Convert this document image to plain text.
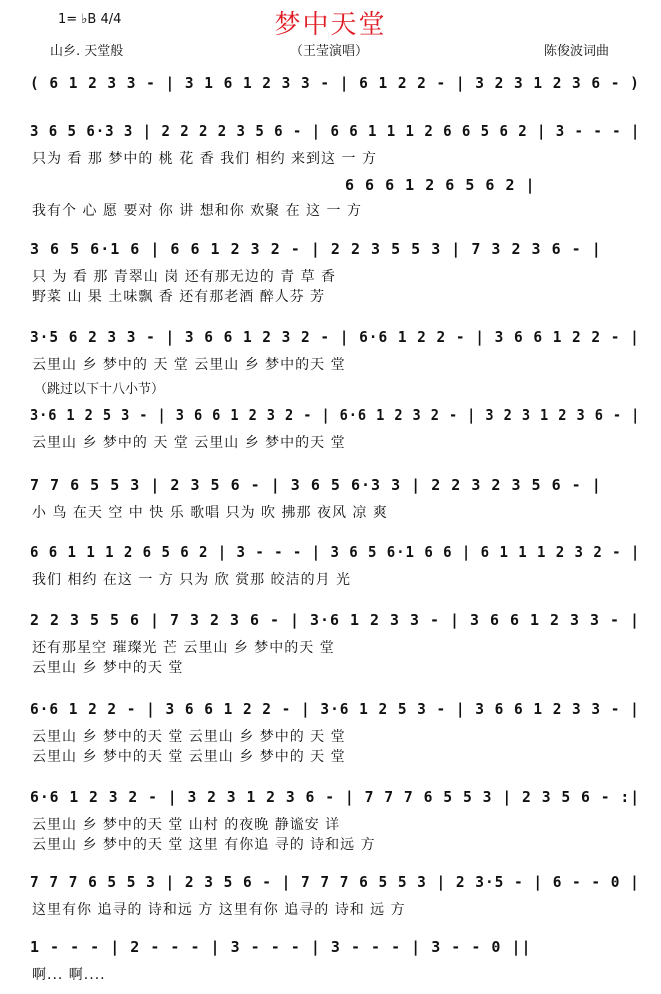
梦中天堂
1= ♭B 4/4
山乡. 天堂般	（王莹演唱）	陈俊波词曲
( 6 1 2 3 3 - | 3 1 6 1 2 3 3 - | 6 1 2 2 - | 3 2 3 1 2 3 6 - )
3 6 5 6·3 3 | 2 2 2 2 3 5 6 - | 6 6 1 1 1 2 6 6 5 6 2 | 3 - - - |
只为 看 那 梦中的 桃 花 香 我们 相约 来到这 一 方
6 6 6 1 2 6 5 6 2 |
我有个 心 愿 要对 你 讲 想和你 欢聚 在 这 一 方
3 6 5 6·1 6 | 6 6 1 2 3 2 - | 2 2 3 5 5 3 | 7 3 2 3 6 - |
只 为 看 那 青翠山 岗 还有那无边的 青 草 香
野菜 山 果 土味飘 香 还有那老酒 醉人芬 芳
3·5 6 2 3 3 - | 3 6 6 1 2 3 2 - | 6·6 1 2 2 - | 3 6 6 1 2 2 - |
云里山 乡 梦中的 天 堂 云里山 乡 梦中的天 堂
3·6 1 2 5 3 - | 3 6 6 1 2 3 2 - | 6·6 1 2 3 2 - | 3 2 3 1 2 3 6 - |
云里山 乡 梦中的 天 堂 云里山 乡 梦中的天 堂
7 7 6 5 5 3 | 2 3 5 6 - | 3 6 5 6·3 3 | 2 2 3 2 3 5 6 - |
小 鸟 在天 空 中 快 乐 歌唱 只为 吹 拂那 夜风 凉 爽
6 6 1 1 1 2 6 5 6 2 | 3 - - - | 3 6 5 6·1 6 6 | 6 1 1 1 2 3 2 - |
我们 相约 在这 一 方 只为 欣 赏那 皎洁的月 光
2 2 3 5 5 6 | 7 3 2 3 6 - | 3·6 1 2 3 3 - | 3 6 6 1 2 3 3 - |
还有那星空 璀璨光 芒 云里山 乡 梦中的天 堂
云里山 乡 梦中的天 堂
6·6 1 2 2 - | 3 6 6 1 2 2 - | 3·6 1 2 5 3 - | 3 6 6 1 2 3 3 - |
云里山 乡 梦中的天 堂 云里山 乡 梦中的 天 堂
云里山 乡 梦中的天 堂 云里山 乡 梦中的 天 堂
6·6 1 2 3 2 - | 3 2 3 1 2 3 6 - | 7 7 7 6 5 5 3 | 2 3 5 6 - :|
云里山 乡 梦中的天 堂 山村 的夜晚 静谧安 详
云里山 乡 梦中的天 堂 这里 有你追 寻的 诗和远 方
7 7 7 6 5 5 3 | 2 3 5 6 - | 7 7 7 6 5 5 3 | 2 3·5 - | 6 - - 0 |
这里有你 追寻的 诗和远 方 这里有你 追寻的 诗和 远 方
1 - - - | 2 - - - | 3 - - - | 3 - - - | 3 - - 0 ||
啊... 啊....
（跳过以下十八小节）
